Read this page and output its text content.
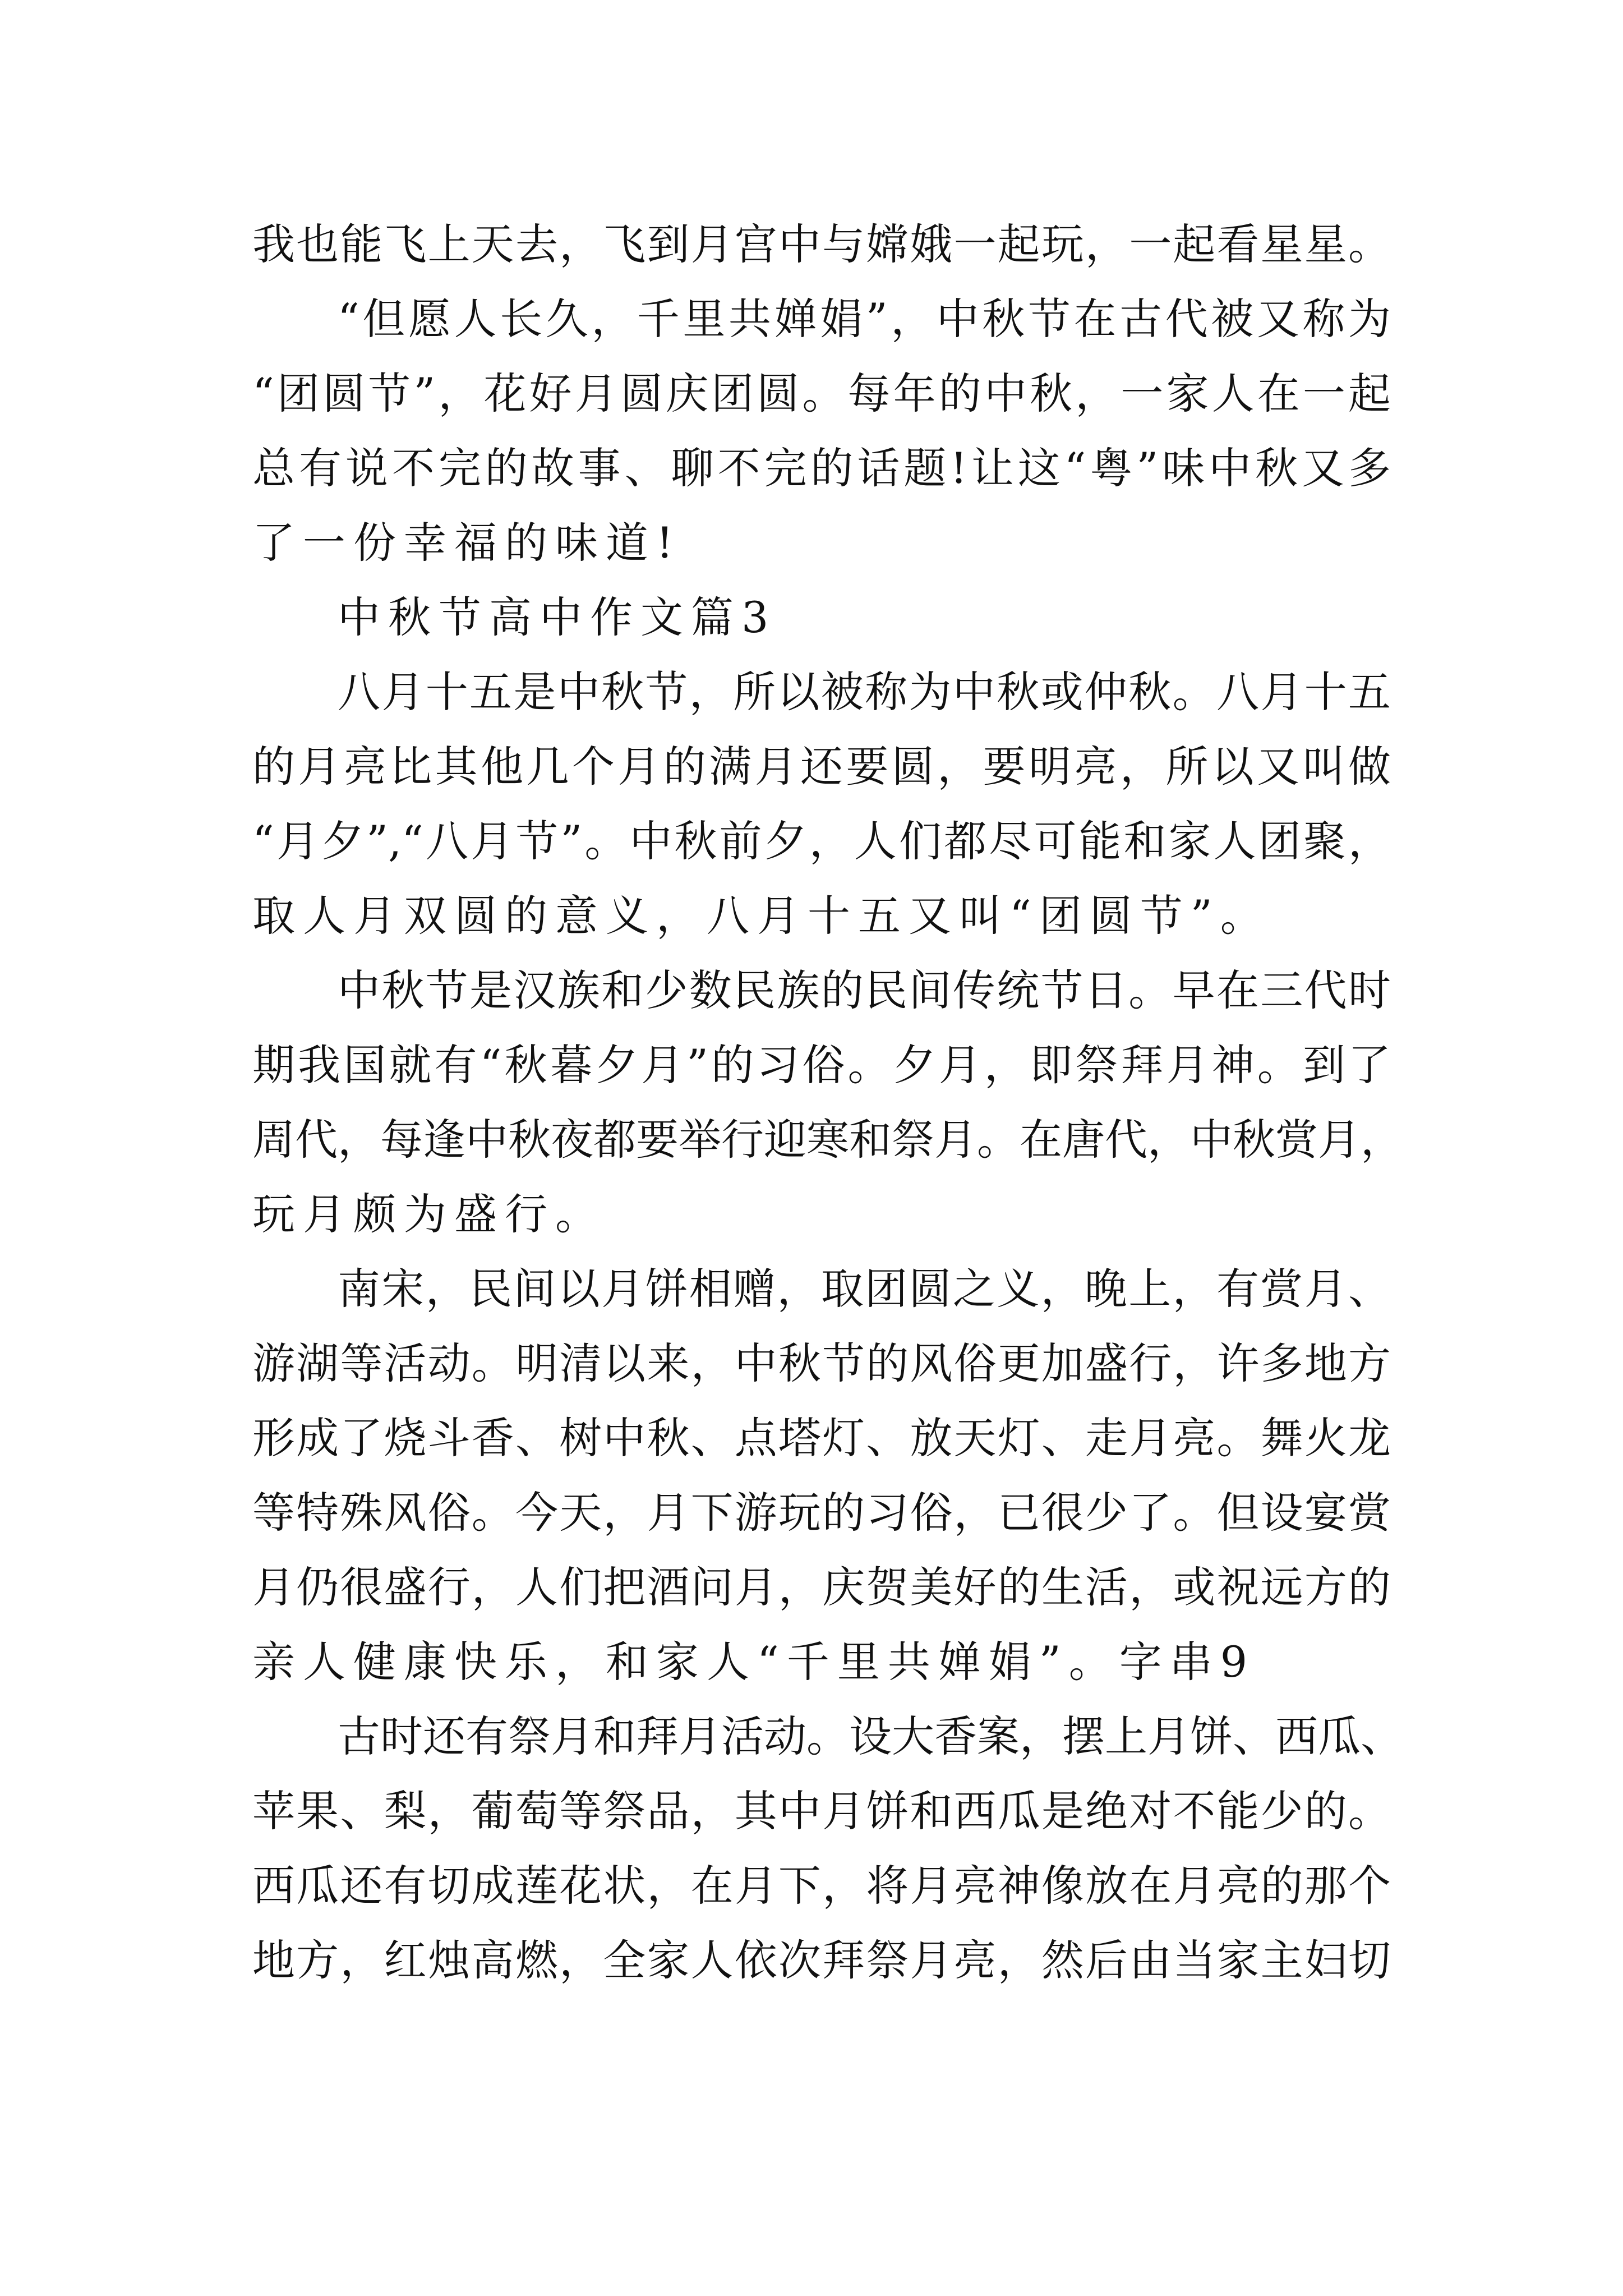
我也能飞上天去，飞到月宫中与嫦娥一起玩，一起看星星。
“但愿人长久，千里共婵娟”，中秋节在古代被又称为
“团圆节”，花好月圆庆团圆。每年的中秋，一家人在一起
总有说不完的故事、聊不完的话题!让这“粤”味中秋又多
了一份幸福的味道!
中秋节高中作文篇3
八月十五是中秋节，所以被称为中秋或仲秋。八月十五
的月亮比其他几个月的满月还要圆，要明亮，所以又叫做
“月夕”,“八月节”。中秋前夕，人们都尽可能和家人团聚，
取人月双圆的意义，八月十五又叫“团圆节”。
中秋节是汉族和少数民族的民间传统节日。早在三代时
期我国就有“秋暮夕月”的习俗。夕月，即祭拜月神。到了
周代，每逢中秋夜都要举行迎寒和祭月。在唐代，中秋赏月，
玩月颇为盛行。
南宋，民间以月饼相赠，取团圆之义，晚上，有赏月、
游湖等活动。明清以来，中秋节的风俗更加盛行，许多地方
形成了烧斗香、树中秋、点塔灯、放天灯、走月亮。舞火龙
等特殊风俗。今天，月下游玩的习俗，已很少了。但设宴赏
月仍很盛行，人们把酒问月，庆贺美好的生活，或祝远方的
亲人健康快乐，和家人“千里共婵娟”。字串9
古时还有祭月和拜月活动。设大香案，摆上月饼、西瓜、
苹果、梨，葡萄等祭品，其中月饼和西瓜是绝对不能少的。
西瓜还有切成莲花状，在月下，将月亮神像放在月亮的那个
地方，红烛高燃，全家人依次拜祭月亮，然后由当家主妇切
